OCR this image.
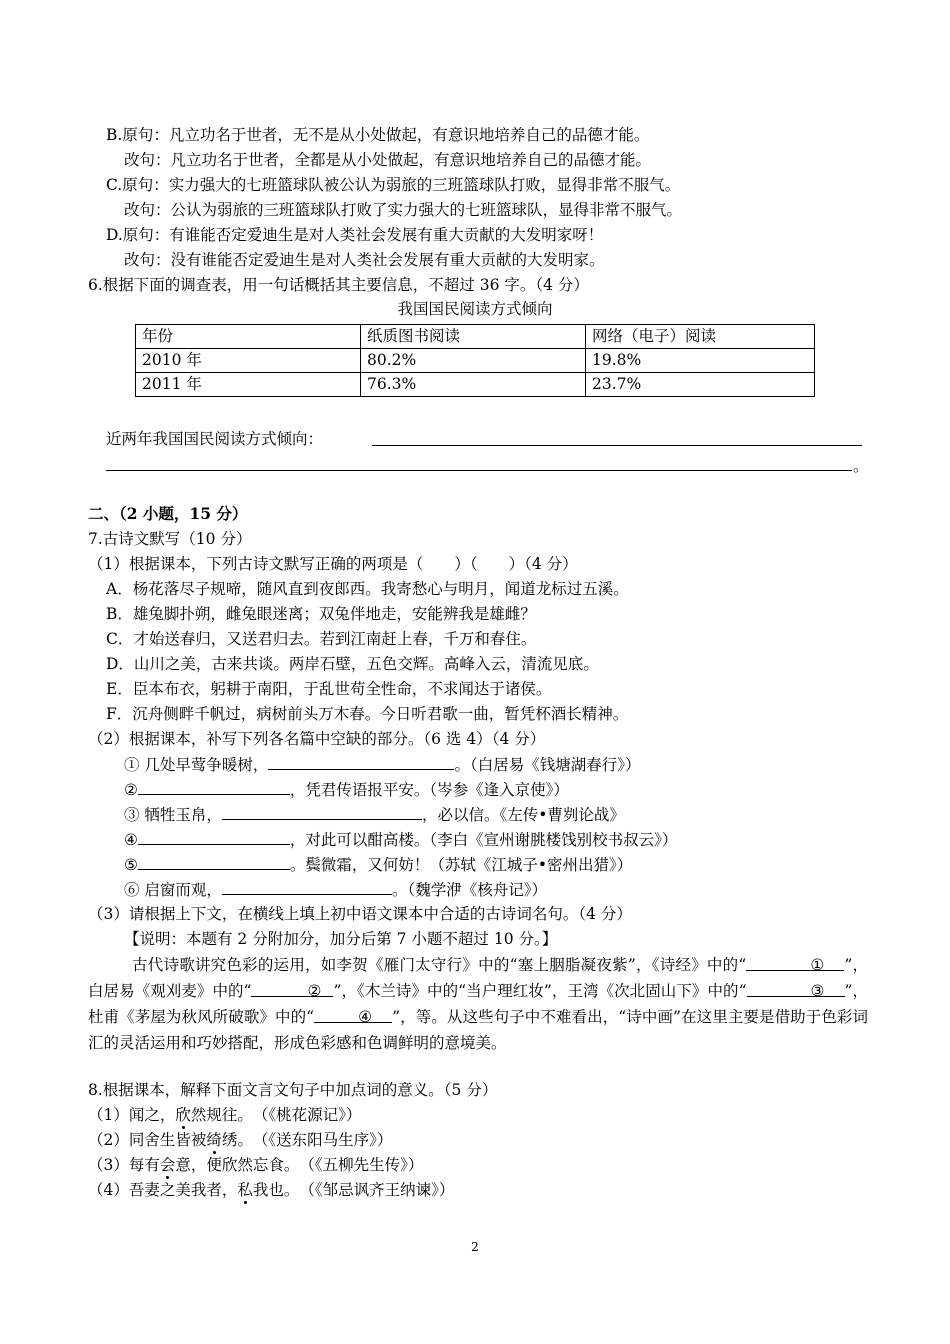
B.原句：凡立功名于世者，无不是从小处做起，有意识地培养自己的品德才能。
改句：凡立功名于世者，全都是从小处做起，有意识地培养自己的品德才能。
C.原句：实力强大的七班篮球队被公认为弱旅的三班篮球队打败，显得非常不服气。
改句：公认为弱旅的三班篮球队打败了实力强大的七班篮球队，显得非常不服气。
D.原句：有谁能否定爱迪生是对人类社会发展有重大贡献的大发明家呀！
改句：没有谁能否定爱迪生是对人类社会发展有重大贡献的大发明家。
6.根据下面的调查表，用一句话概括其主要信息，不超过 36 字。（4 分）
我国国民阅读方式倾向
年份	纸质图书阅读	网络（电子）阅读
2010 年	80.2%	19.8%
2011 年	76.3%	23.7%
近两年我国国民阅读方式倾向：
。
二、（2 小题，15 分）
7.古诗文默写（10 分）
（1）根据课本，下列古诗文默写正确的两项是（　　）（　　）（4 分）
A．杨花落尽子规啼，随风直到夜郎西。我寄愁心与明月，闻道龙标过五溪。
B．雄兔脚扑朔，雌兔眼迷离；双兔伴地走，安能辨我是雄雌？
C．才始送春归，又送君归去。若到江南赶上春，千万和春住。
D．山川之美，古来共谈。两岸石壁，五色交辉。高峰入云，清流见底。
E．臣本布衣，躬耕于南阳，于乱世苟全性命，不求闻达于诸侯。
F．沉舟侧畔千帆过，病树前头万木春。今日听君歌一曲，暂凭杯酒长精神。
（2）根据课本，补写下列各名篇中空缺的部分。（6 选 4）（4 分）
① 几处早莺争暖树，	。（白居易《钱塘湖春行》）
②	，凭君传语报平安。（岑参《逢入京使》）
③ 牺牲玉帛，	，必以信。《左传•曹刿论战》
④	，对此可以酣高楼。（李白《宣州谢朓楼饯别校书叔云》）
⑤	。鬓微霜，又何妨！（苏轼《江城子•密州出猎》）
⑥ 启窗而观，	。（魏学洢《核舟记》）
（3）请根据上下文，在横线上填上初中语文课本中合适的古诗词名句。（4 分）
【说明：本题有 2 分附加分，加分后第 7 小题不超过 10 分。】
古代诗歌讲究色彩的运用，如李贺《雁门太守行》中的“塞上胭脂凝夜紫”，《诗经》中的“	① ”，白居易《观刈麦》中的“	② ”，《木兰诗》中的“当户理红妆”，王湾《次北固山下》中的“	③ ”，杜甫《茅屋为秋风所破歌》中的“	④ ”，等。从这些句子中不难看出，“诗中画”在这里主要是借助于色彩词汇的灵活运用和巧妙搭配，形成色彩感和色调鲜明的意境美。
8.根据课本，解释下面文言文句子中加点词的意义。（5 分）
（1）闻之，欣然规往。　（《桃花源记》）
（2）同舍生皆被绮绣。　（《送东阳马生序》）
（3）每有会意，便欣然忘食。　（《五柳先生传》）
（4）吾妻之美我者，私我也。　（《邹忌讽齐王纳谏》）
2
